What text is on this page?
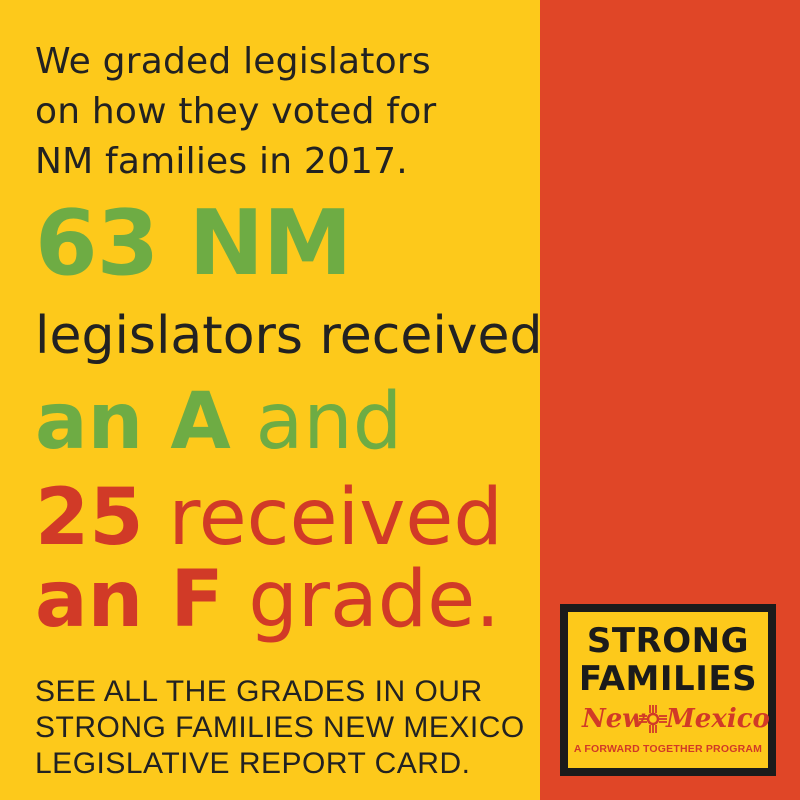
We graded legislators
on how they voted for
NM families in 2017.
63 NM
legislators received
an A and
25 received
an F grade.
SEE ALL THE GRADES IN OUR
STRONG FAMILIES NEW MEXICO
LEGISLATIVE REPORT CARD.
STRONG
FAMILIES
New Mexico
A FORWARD TOGETHER PROGRAM
